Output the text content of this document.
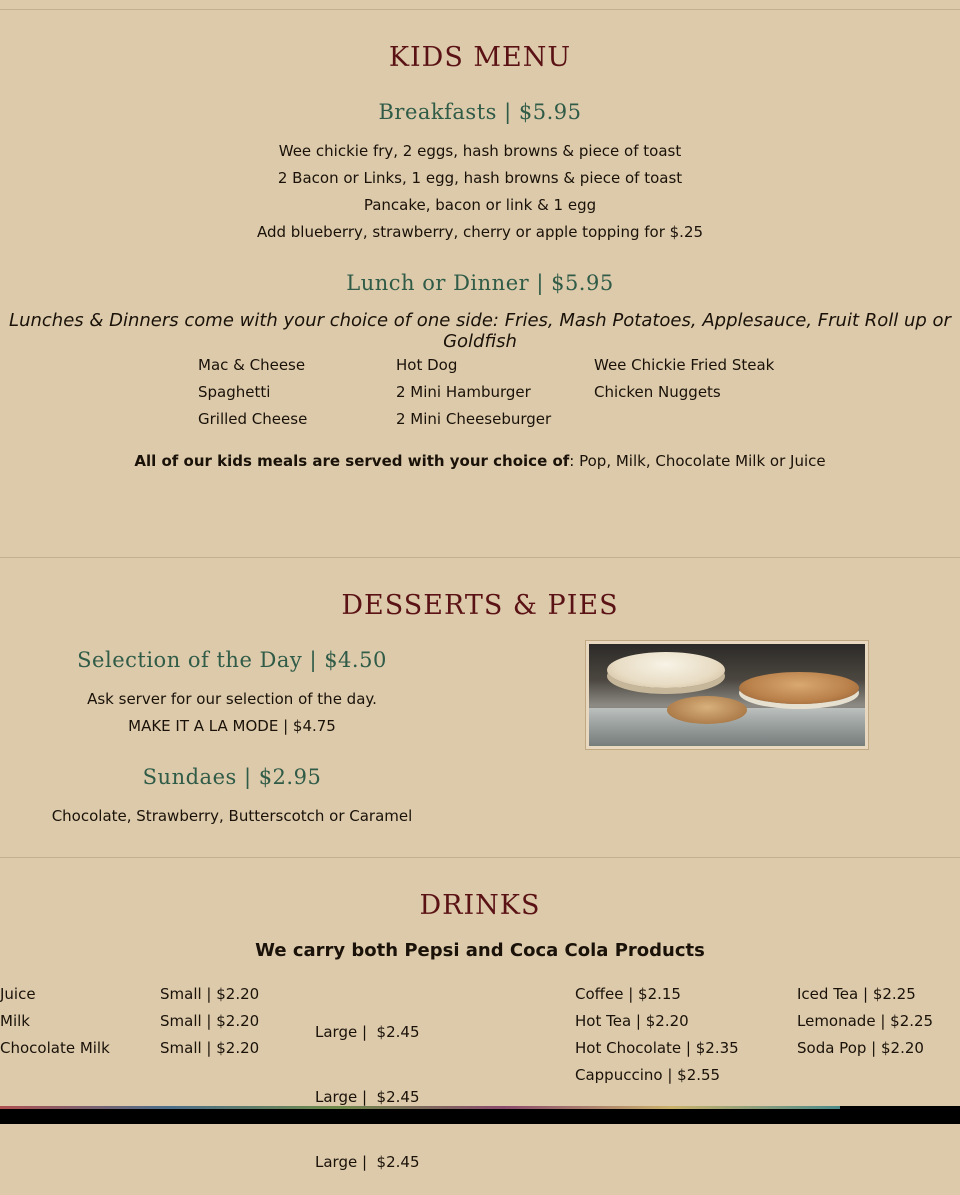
KIDS MENU
Breakfasts | $5.95
Wee chickie fry, 2 eggs, hash browns & piece of toast
2 Bacon or Links, 1 egg, hash browns & piece of toast
Pancake, bacon or link & 1 egg
Add blueberry, strawberry, cherry or apple topping for $.25
Lunch or Dinner | $5.95
Lunches & Dinners come with your choice of one side: Fries, Mash Potatoes, Applesauce, Fruit Roll up or Goldfish
Mac & Cheese
Spaghetti
Grilled Cheese
Hot Dog
2 Mini Hamburger
2 Mini Cheeseburger
Wee Chickie Fried Steak
Chicken Nuggets
All of our kids meals are served with your choice of: Pop, Milk, Chocolate Milk or Juice
DESSERTS & PIES
Selection of the Day | $4.50
Ask server for our selection of the day.
MAKE IT A LA MODE | $4.75
Sundaes | $2.95
Chocolate, Strawberry, Butterscotch or Caramel
DRINKS
We carry both Pepsi and Coca Cola Products
Juice
Milk
Chocolate Milk
Small | $2.20
Small | $2.20
Small | $2.20

Large |  $2.45

Large |  $2.45

Large |  $2.45

Coffee | $2.15
Hot Tea | $2.20
Hot Chocolate | $2.35
Cappuccino | $2.55
Iced Tea | $2.25
Lemonade | $2.25
Soda Pop | $2.20
